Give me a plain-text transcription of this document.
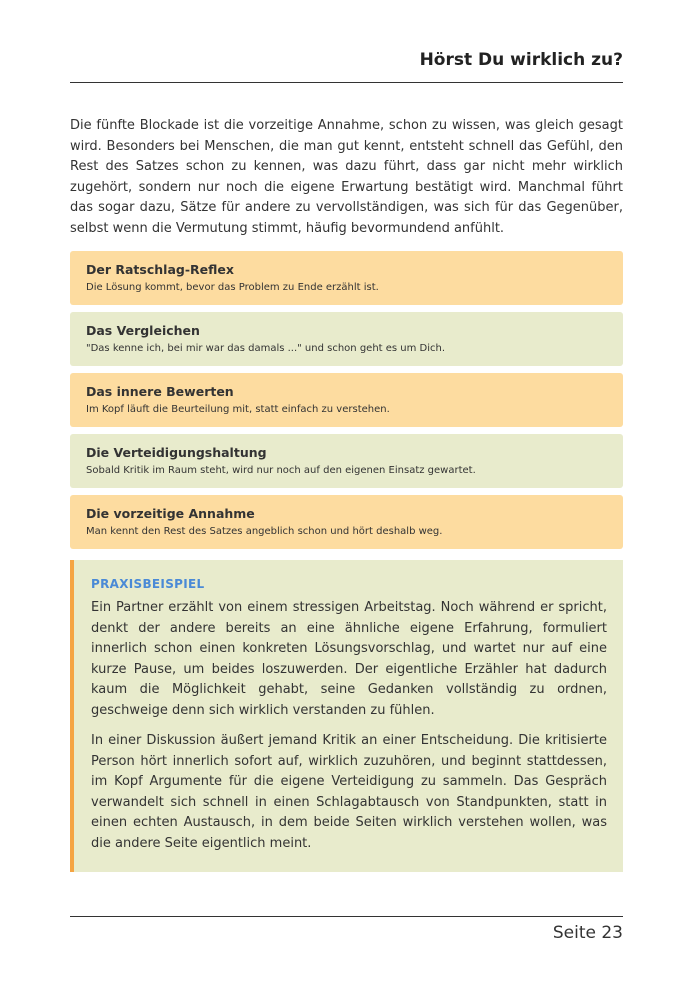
Hörst Du wirklich zu?

Die fünfte Blockade ist die vorzeitige Annahme, schon zu wissen, was gleich gesagt wird. Besonders bei Menschen, die man gut kennt, entsteht schnell das Gefühl, den Rest des Satzes schon zu kennen, was dazu führt, dass gar nicht mehr wirklich zugehört, sondern nur noch die eigene Erwartung bestätigt wird. Manchmal führt das sogar dazu, Sätze für andere zu vervollständigen, was sich für das Gegenüber, selbst wenn die Vermutung stimmt, häufig bevormundend anfühlt.

Der Ratschlag-Reflex
Die Lösung kommt, bevor das Problem zu Ende erzählt ist.
Das Vergleichen
"Das kenne ich, bei mir war das damals ..." und schon geht es um Dich.
Das innere Bewerten
Im Kopf läuft die Beurteilung mit, statt einfach zu verstehen.
Die Verteidigungshaltung
Sobald Kritik im Raum steht, wird nur noch auf den eigenen Einsatz gewartet.
Die vorzeitige Annahme
Man kennt den Rest des Satzes angeblich schon und hört deshalb weg.
PRAXISBEISPIEL

Ein Partner erzählt von einem stressigen Arbeitstag. Noch während er spricht, denkt der andere bereits an eine ähnliche eigene Erfahrung, formuliert innerlich schon einen konkreten Lösungsvorschlag, und wartet nur auf eine kurze Pause, um beides loszuwerden. Der eigentliche Erzähler hat dadurch kaum die Möglichkeit gehabt, seine Gedanken vollständig zu ordnen, geschweige denn sich wirklich verstanden zu fühlen.

In einer Diskussion äußert jemand Kritik an einer Entscheidung. Die kritisierte Person hört innerlich sofort auf, wirklich zuzuhören, und beginnt stattdessen, im Kopf Argumente für die eigene Verteidigung zu sammeln. Das Gespräch verwandelt sich schnell in einen Schlagabtausch von Standpunkten, statt in einen echten Austausch, in dem beide Seiten wirklich verstehen wollen, was die andere Seite eigentlich meint.

Seite 23
